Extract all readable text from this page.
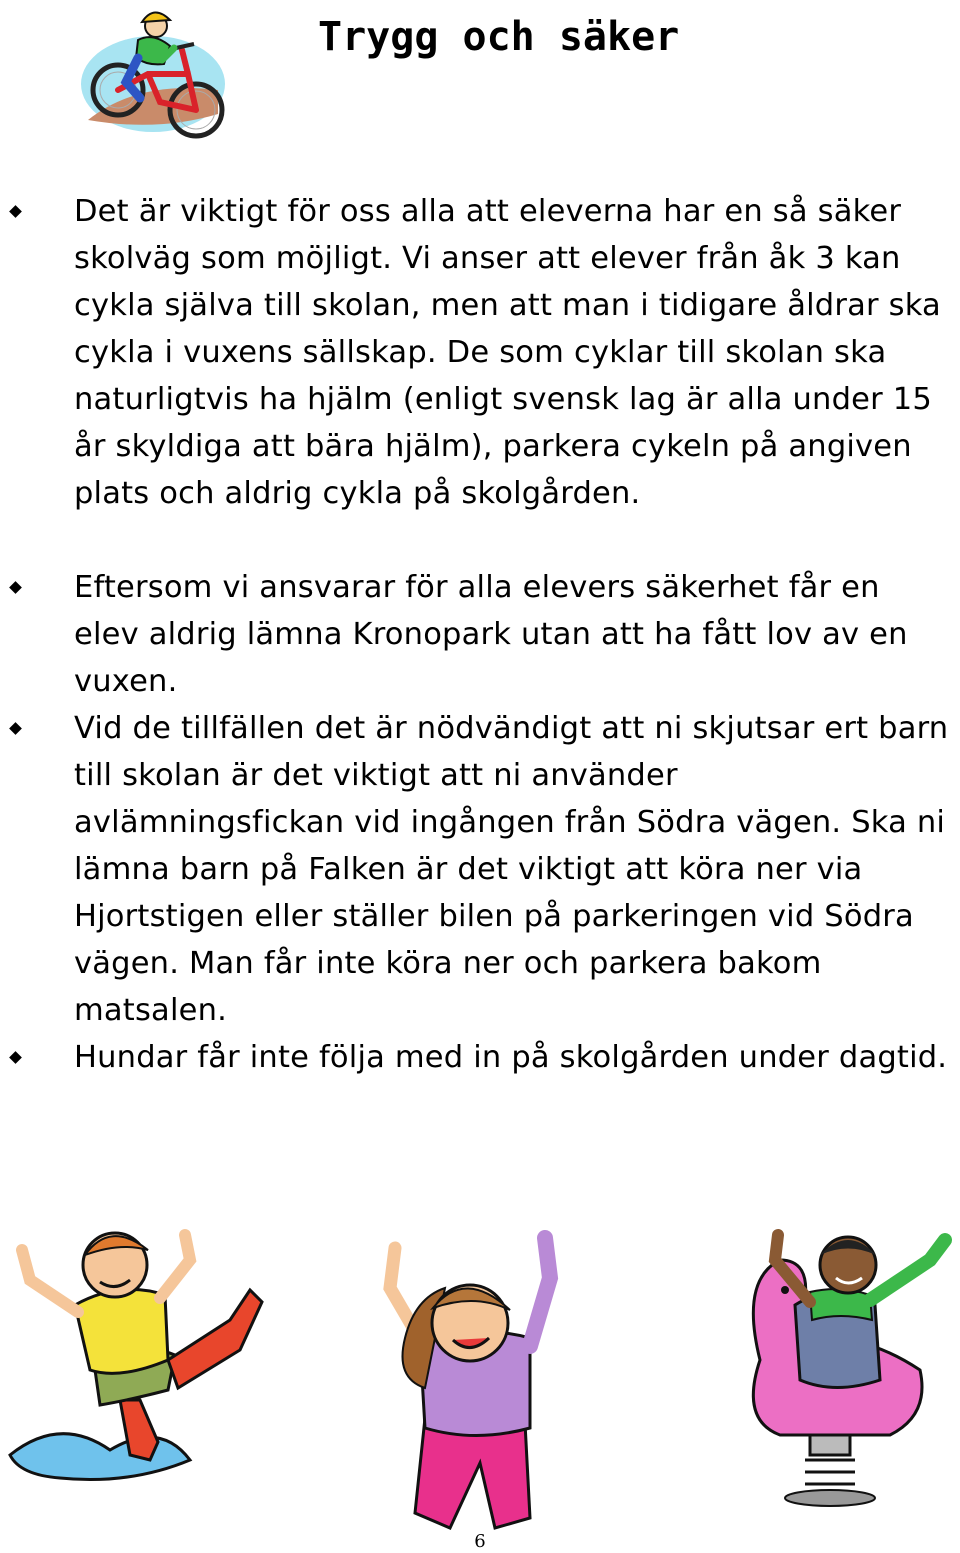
Trygg och säker
Det är viktigt för oss alla att eleverna har en så säker skolväg som möjligt. Vi anser att elever från åk 3 kan cykla själva till skolan, men att man i tidigare åldrar ska cykla i vuxens sällskap. De som cyklar till skolan ska naturligtvis ha hjälm (enligt svensk lag är alla under 15 år skyldiga att bära hjälm), parkera cykeln på angiven plats och aldrig cykla på skolgården.
Eftersom vi ansvarar för alla elevers säkerhet får en elev aldrig lämna Kronopark utan att ha fått lov av en vuxen.
Vid de tillfällen det är nödvändigt att ni skjutsar ert barn till skolan är det viktigt att ni använder avlämningsfickan vid ingången från Södra vägen. Ska ni lämna barn på Falken är det viktigt att köra ner via Hjortstigen eller ställer bilen på parkeringen vid Södra vägen. Man får inte köra ner och parkera bakom matsalen.
Hundar får inte följa med in på skolgården under dagtid.
6
